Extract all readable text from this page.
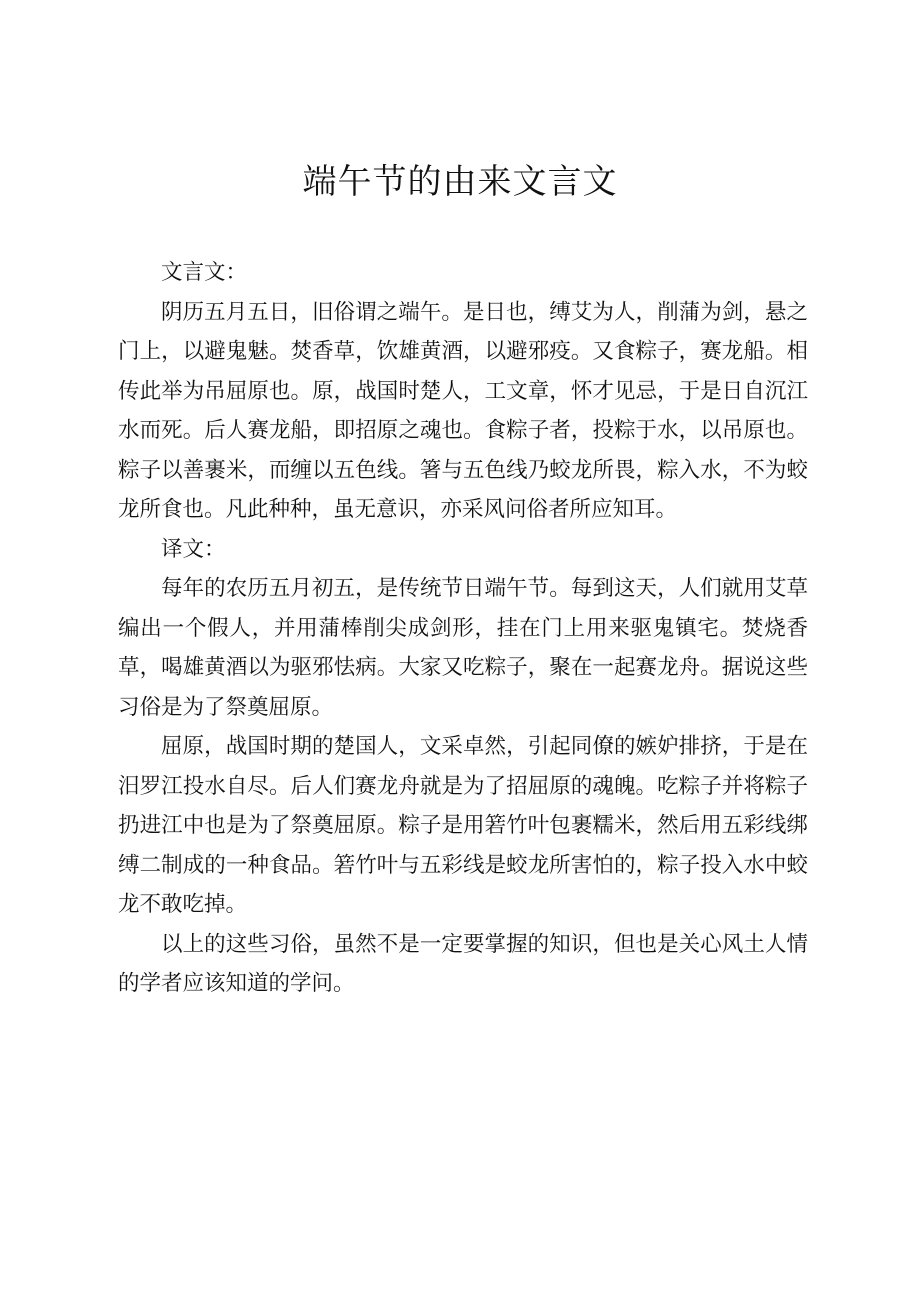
端午节的由来文言文

文言文：

阴历五月五日，旧俗谓之端午。是日也，缚艾为人，削蒲为剑，悬之门上，以避鬼魅。焚香草，饮雄黄酒，以避邪疫。又食粽子，赛龙船。相传此举为吊屈原也。原，战国时楚人，工文章，怀才见忌，于是日自沉江水而死。后人赛龙船，即招原之魂也。食粽子者，投粽于水，以吊原也。粽子以善裹米，而缠以五色线。箸与五色线乃蛟龙所畏，粽入水，不为蛟龙所食也。凡此种种，虽无意识，亦采风问俗者所应知耳。

译文：

每年的农历五月初五，是传统节日端午节。每到这天，人们就用艾草编出一个假人，并用蒲棒削尖成剑形，挂在门上用来驱鬼镇宅。焚烧香草，喝雄黄酒以为驱邪怯病。大家又吃粽子，聚在一起赛龙舟。据说这些习俗是为了祭奠屈原。

屈原，战国时期的楚国人，文采卓然，引起同僚的嫉妒排挤，于是在汨罗江投水自尽。后人们赛龙舟就是为了招屈原的魂魄。吃粽子并将粽子扔进江中也是为了祭奠屈原。粽子是用箬竹叶包裹糯米，然后用五彩线绑缚二制成的一种食品。箬竹叶与五彩线是蛟龙所害怕的，粽子投入水中蛟龙不敢吃掉。

以上的这些习俗，虽然不是一定要掌握的知识，但也是关心风土人情的学者应该知道的学问。
